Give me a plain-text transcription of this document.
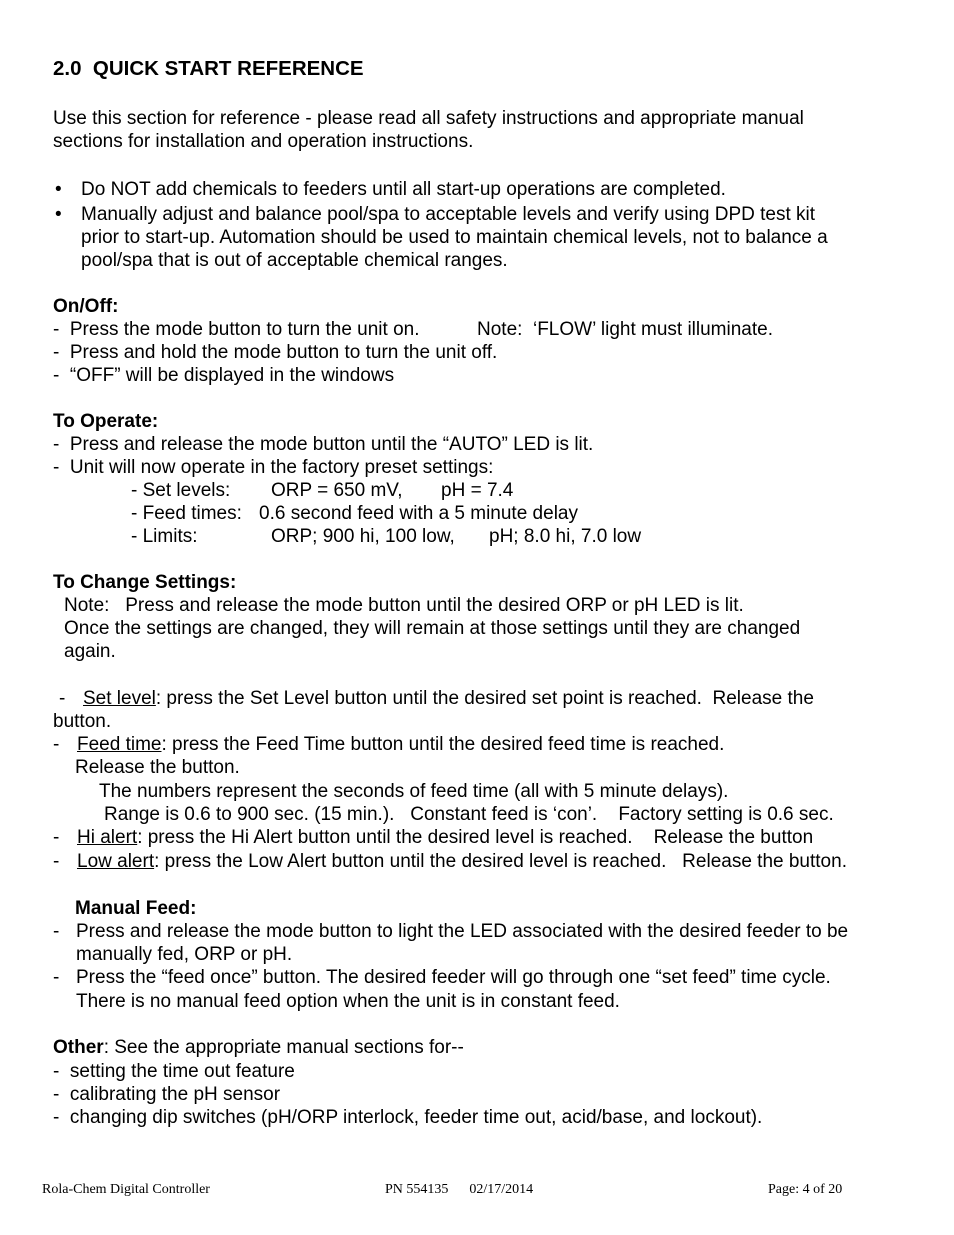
2.0  QUICK START REFERENCE
Use this section for reference - please read all safety instructions and appropriate manual
sections for installation and operation instructions.
• Do NOT add chemicals to feeders until all start-up operations are completed.
• Manually adjust and balance pool/spa to acceptable levels and verify using DPD test kit
prior to start-up. Automation should be used to maintain chemical levels, not to balance a
pool/spa that is out of acceptable chemical ranges.
On/Off:
-  Press the mode button to turn the unit on.	Note:  ‘FLOW’ light must illuminate.
-  Press and hold the mode button to turn the unit off.
-  “OFF” will be displayed in the windows
To Operate:
-  Press and release the mode button until the “AUTO” LED is lit.
-  Unit will now operate in the factory preset settings:
- Set levels: ORP = 650 mV, pH = 7.4
- Feed times: 0.6 second feed with a 5 minute delay
- Limits:	ORP; 900 hi, 100 low, pH; 8.0 hi, 7.0 low
To Change Settings:
Note:   Press and release the mode button until the desired ORP or pH LED is lit.
Once the settings are changed, they will remain at those settings until they are changed
again.
- Set level: press the Set Level button until the desired set point is reached.  Release the
button.
- Feed time: press the Feed Time button until the desired feed time is reached.
Release the button.
The numbers represent the seconds of feed time (all with 5 minute delays).
Range is 0.6 to 900 sec. (15 min.).   Constant feed is ‘con’.    Factory setting is 0.6 sec.
- Hi alert: press the Hi Alert button until the desired level is reached.    Release the button
- Low alert: press the Low Alert button until the desired level is reached.   Release the button.
Manual Feed:
- Press and release the mode button to light the LED associated with the desired feeder to be
manually fed, ORP or pH.
- Press the “feed once” button. The desired feeder will go through one “set feed” time cycle.
There is no manual feed option when the unit is in constant feed.
Other: See the appropriate manual sections for--
-  setting the time out feature
-  calibrating the pH sensor
-  changing dip switches (pH/ORP interlock, feeder time out, acid/base, and lockout).
Rola-Chem Digital Controller	PN 554135      02/17/2014	Page: 4 of 20
